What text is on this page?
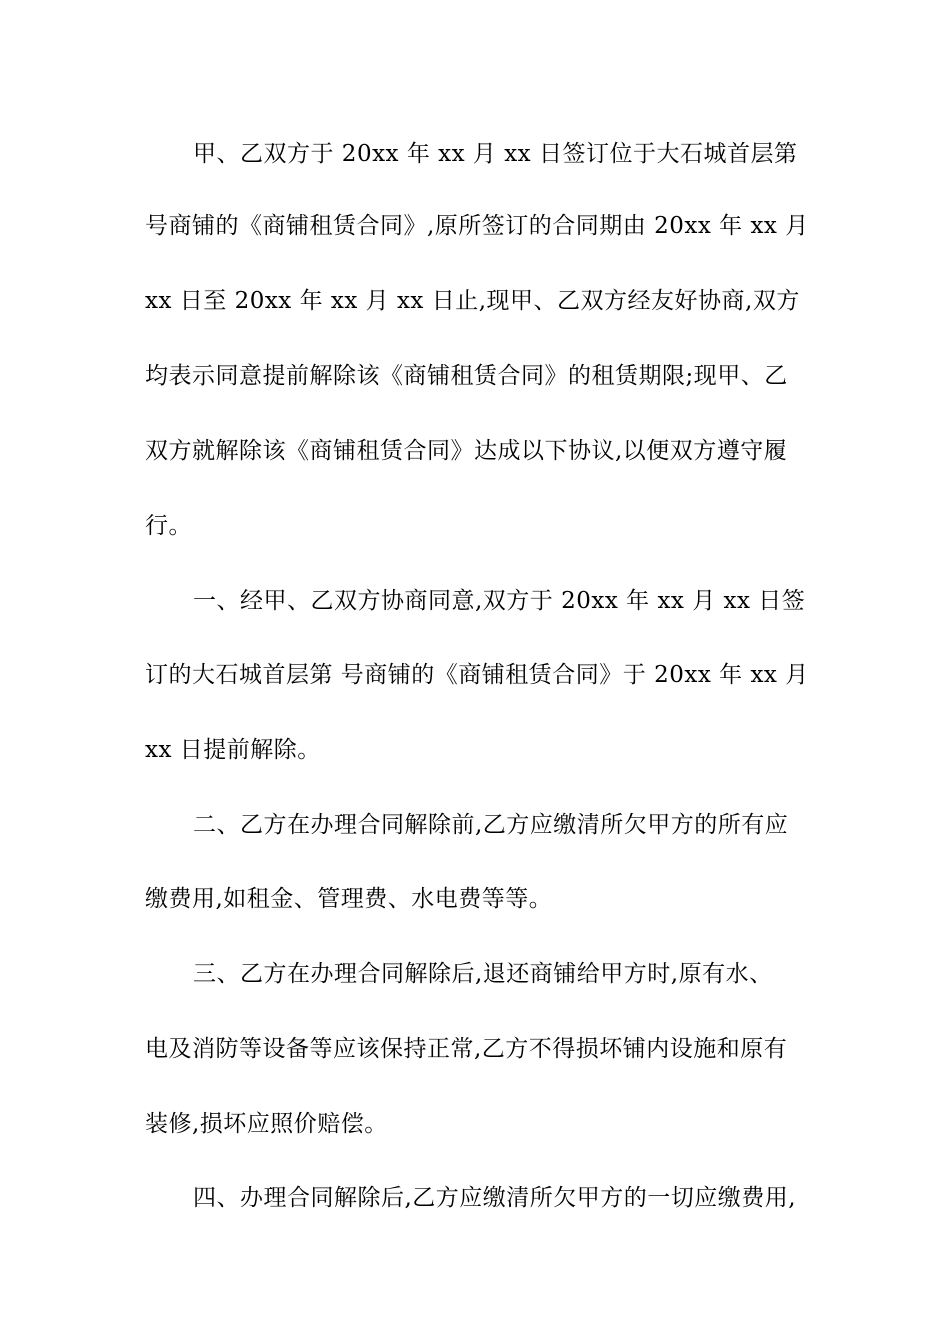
甲、乙双方于 20xx 年 xx 月 xx 日签订位于大石城首层第
号商铺的《商铺租赁合同》,原所签订的合同期由 20xx 年 xx 月
xx 日至 20xx 年 xx 月 xx 日止,现甲、乙双方经友好协商,双方
均表示同意提前解除该《商铺租赁合同》的租赁期限;现甲、乙
双方就解除该《商铺租赁合同》达成以下协议,以便双方遵守履
行。
一、经甲、乙双方协商同意,双方于 20xx 年 xx 月 xx 日签
订的大石城首层第 号商铺的《商铺租赁合同》于 20xx 年 xx 月
xx 日提前解除。
二、乙方在办理合同解除前,乙方应缴清所欠甲方的所有应
缴费用,如租金、管理费、水电费等等。
三、乙方在办理合同解除后,退还商铺给甲方时,原有水、
电及消防等设备等应该保持正常,乙方不得损坏铺内设施和原有
装修,损坏应照价赔偿。
四、办理合同解除后,乙方应缴清所欠甲方的一切应缴费用,
